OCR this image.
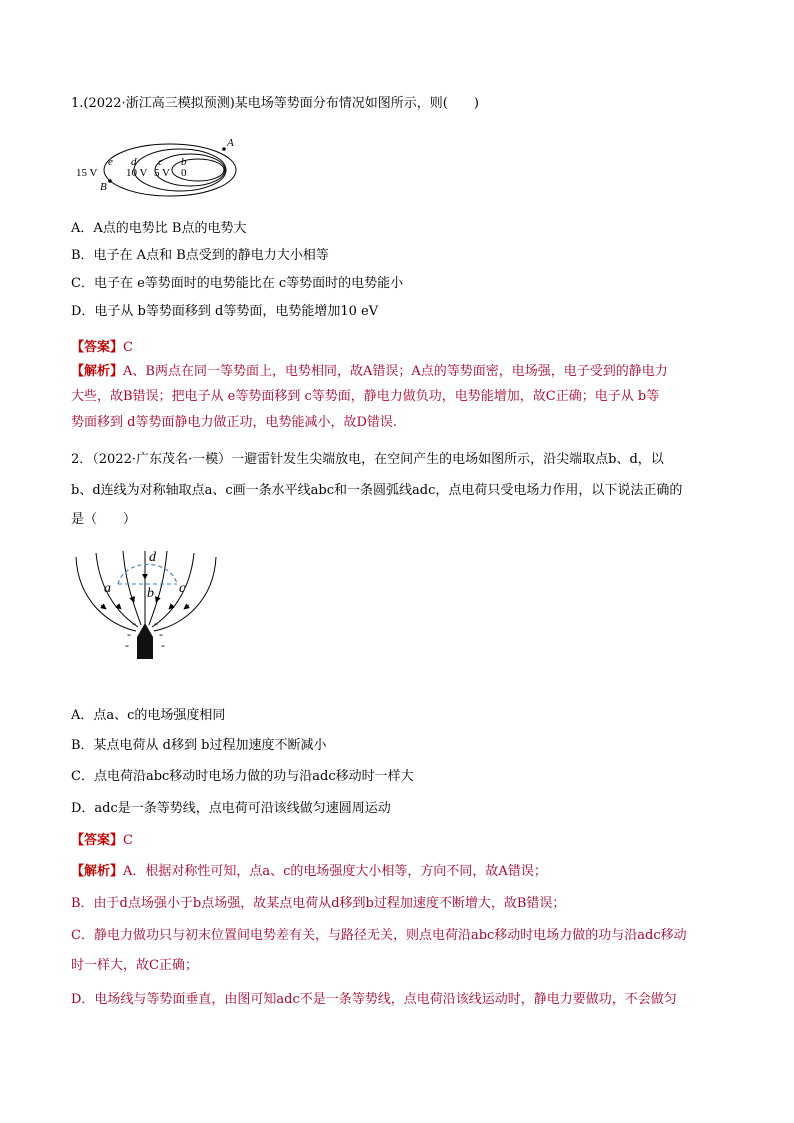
1.(2022·浙江高三模拟预测)某电场等势面分布情况如图所示，则(　　)
15 V
e d
10 V
c
5 V
b
0
A
B
A．A点的电势比 B点的电势大
B．电子在 A点和 B点受到的静电力大小相等
C．电子在 e等势面时的电势能比在 c等势面时的电势能小
D．电子从 b等势面移到 d等势面，电势能增加10 eV
【答案】C
【解析】A、B两点在同一等势面上，电势相同，故A错误；A点的等势面密，电场强，电子受到的静电力
大些，故B错误；把电子从 e等势面移到 c等势面，静电力做负功，电势能增加，故C正确；电子从 b等
势面移到 d等势面静电力做正功，电势能减小，故D错误.
2．（2022·广东茂名·一模）一避雷针发生尖端放电，在空间产生的电场如图所示，沿尖端取点b、d，以
b、d连线为对称轴取点a、c画一条水平线abc和一条圆弧线adc，点电荷只受电场力作用，以下说法正确的
是（　　）
- -
- -
-	-
a	b c
d
A．点a、c的电场强度相同
B．某点电荷从 d移到 b过程加速度不断减小
C．点电荷沿abc移动时电场力做的功与沿adc移动时一样大
D．adc是一条等势线，点电荷可沿该线做匀速圆周运动
【答案】C
【解析】A．根据对称性可知，点a、c的电场强度大小相等，方向不同，故A错误；
B．由于d点场强小于b点场强，故某点电荷从d移到b过程加速度不断增大，故B错误；
C．静电力做功只与初末位置间电势差有关，与路径无关，则点电荷沿abc移动时电场力做的功与沿adc移动
时一样大，故C正确；
D．电场线与等势面垂直，由图可知adc不是一条等势线，点电荷沿该线运动时，静电力要做功，不会做匀
